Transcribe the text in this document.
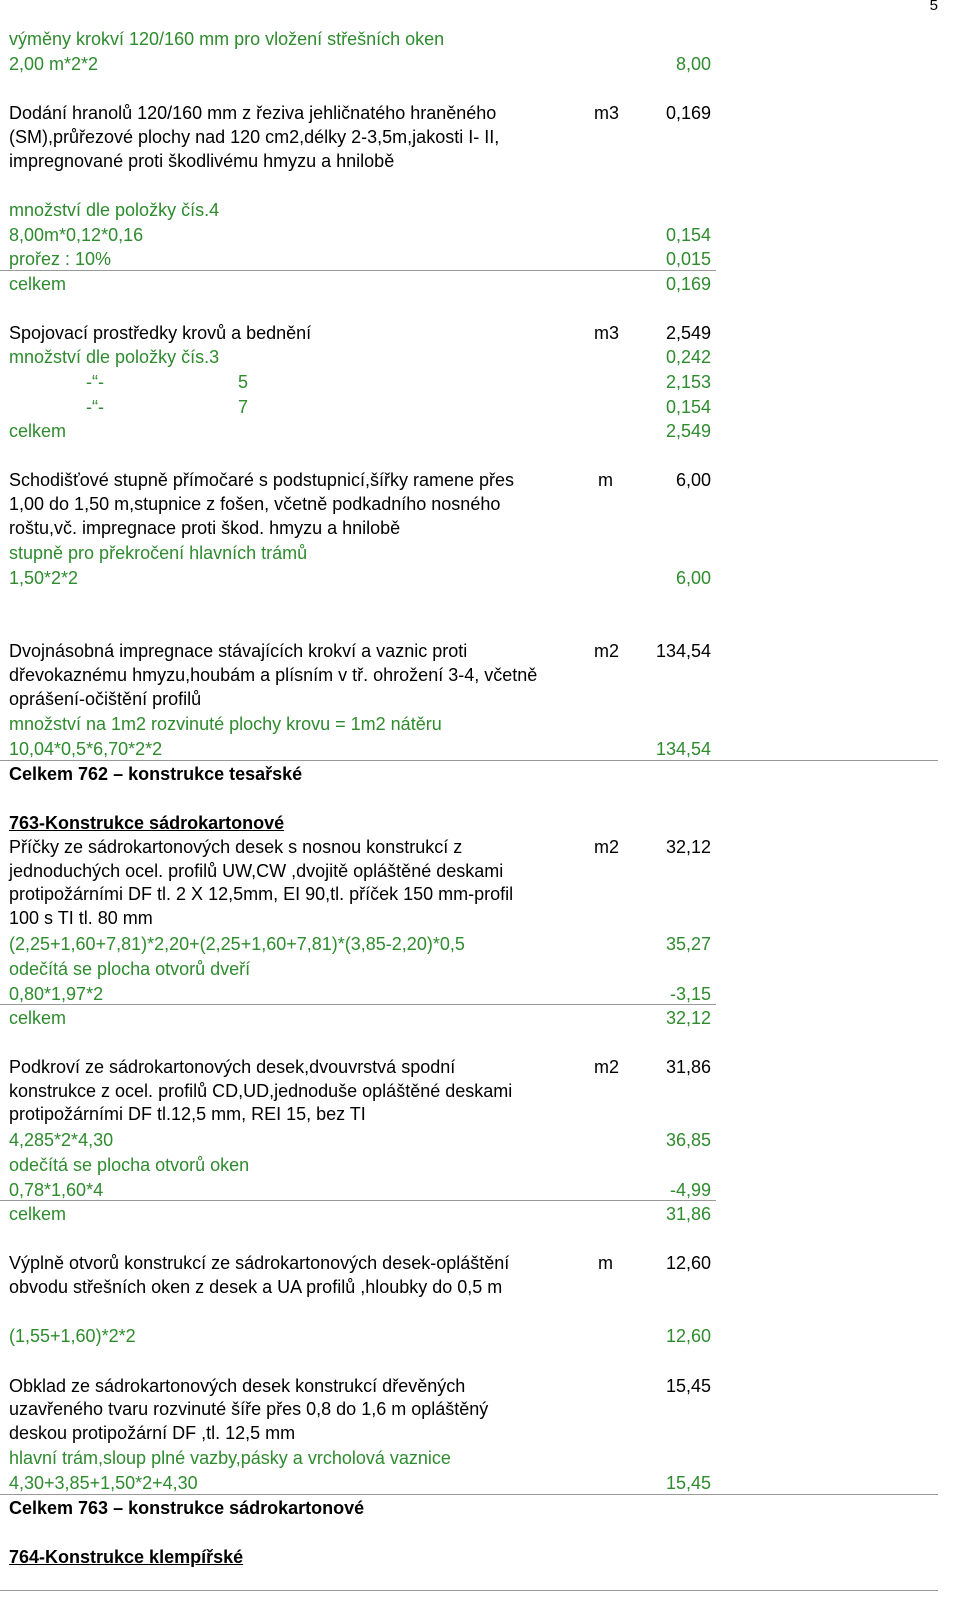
5
výměny krokví 120/160 mm pro vložení střešních oken
2,00 m*2*2
Dodání hranolů 120/160 mm z řeziva jehličnatého hraněného
(SM),průřezové plochy nad 120 cm2,délky 2-3,5m,jakosti I- II,
impregnované proti škodlivému hmyzu a hnilobě
množství dle položky čís.4
8,00m*0,12*0,16
prořez : 10%
celkem
Spojovací prostředky krovů a bednění
množství dle položky čís.3
-“-	5
-“-	7
celkem
Schodišťové stupně přímočaré s podstupnicí,šířky ramene přes
1,00 do 1,50 m,stupnice z fošen, včetně podkadního nosného
roštu,vč. impregnace proti škod. hmyzu a hnilobě
stupně pro překročení hlavních trámů
1,50*2*2
Dvojnásobná impregnace stávajících krokví a vaznic proti
dřevokaznému hmyzu,houbám a plísním v tř. ohrožení 3-4, včetně
oprášení-očištění profilů
množství na 1m2 rozvinuté plochy krovu = 1m2 nátěru
10,04*0,5*6,70*2*2
Celkem 762 – konstrukce tesařské
763-Konstrukce sádrokartonové
Příčky ze sádrokartonových desek s nosnou konstrukcí z
jednoduchých ocel. profilů UW,CW ,dvojitě opláštěné deskami
protipožárními DF tl. 2 X 12,5mm, EI 90,tl. příček 150 mm-profil
100 s TI tl. 80 mm
(2,25+1,60+7,81)*2,20+(2,25+1,60+7,81)*(3,85-2,20)*0,5
odečítá se plocha otvorů dveří
0,80*1,97*2
celkem
Podkroví ze sádrokartonových desek,dvouvrstvá spodní
konstrukce z ocel. profilů CD,UD,jednoduše opláštěné deskami
protipožárními DF tl.12,5 mm, REI 15, bez TI
4,285*2*4,30
odečítá se plocha otvorů oken
0,78*1,60*4
celkem
Výplně otvorů konstrukcí ze sádrokartonových desek-opláštění
obvodu střešních oken z desek a UA profilů ,hloubky do 0,5 m
(1,55+1,60)*2*2
Obklad ze sádrokartonových desek konstrukcí dřevěných
uzavřeného tvaru rozvinuté šíře přes 0,8 do 1,6 m opláštěný
deskou protipožární DF ,tl. 12,5 mm
hlavní trám,sloup plné vazby,pásky a vrcholová vaznice
4,30+3,85+1,50*2+4,30
Celkem 763 – konstrukce sádrokartonové
764-Konstrukce klempířské
m3
m3
m
m2
m2
m2
m
8,00
0,169
0,154
0,015
0,169
2,549
0,242
2,153
0,154
2,549
6,00
6,00
134,54
134,54
32,12
35,27
-3,15
32,12
31,86
36,85
-4,99
31,86
12,60
12,60
15,45
15,45
